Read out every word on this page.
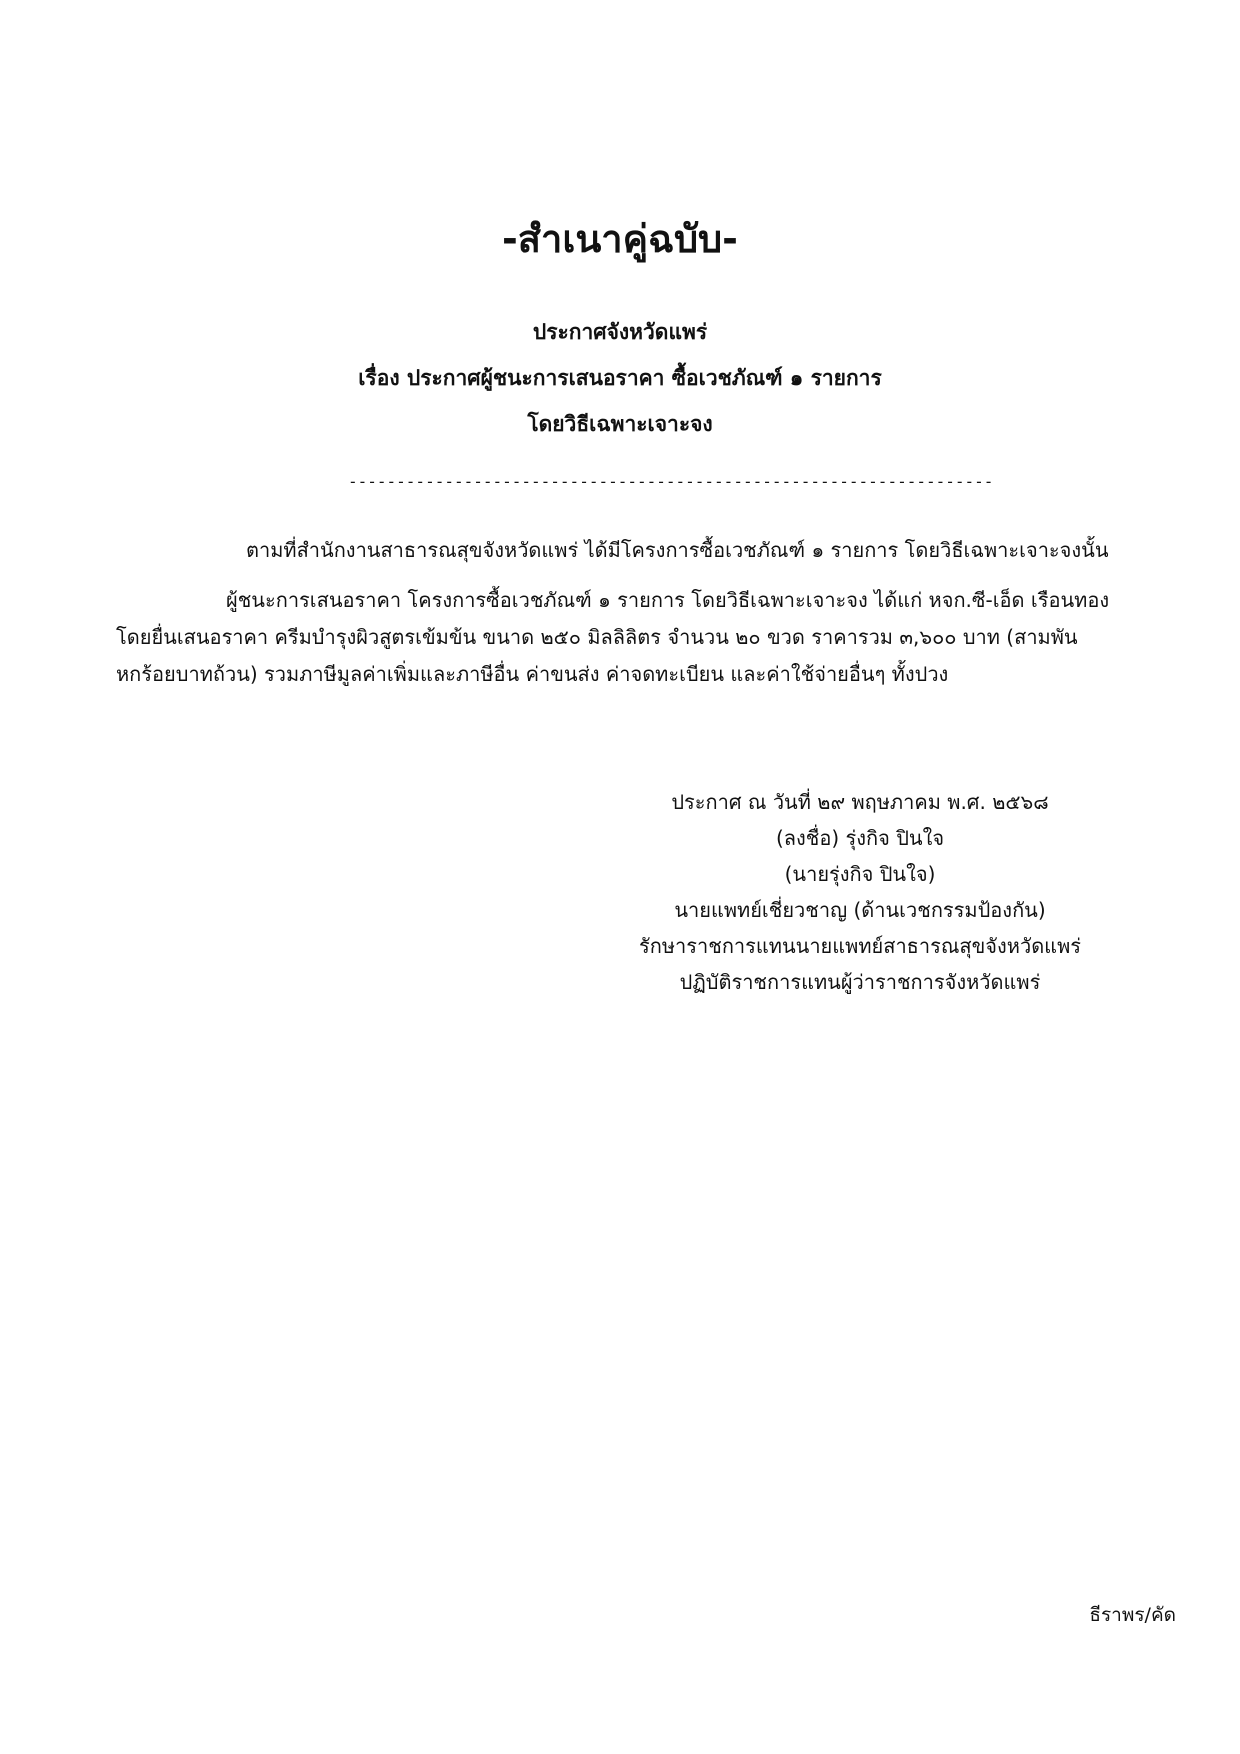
-สำเนาคู่ฉบับ-
ประกาศจังหวัดแพร่
เรื่อง ประกาศผู้ชนะการเสนอราคา ซื้อเวชภัณฑ์ ๑ รายการ
โดยวิธีเฉพาะเจาะจง
-------------------------------------------------------------------
ตามที่สำนักงานสาธารณสุขจังหวัดแพร่ ได้มีโครงการซื้อเวชภัณฑ์ ๑ รายการ โดยวิธีเฉพาะเจาะจงนั้น
ผู้ชนะการเสนอราคา โครงการซื้อเวชภัณฑ์ ๑ รายการ โดยวิธีเฉพาะเจาะจง ได้แก่ หจก.ซี-เอ็ด เรือนทอง
โดยยื่นเสนอราคา ครีมบำรุงผิวสูตรเข้มข้น ขนาด ๒๕๐ มิลลิลิตร จำนวน ๒๐ ขวด ราคารวม ๓,๖๐๐ บาท (สามพัน
หกร้อยบาทถ้วน) รวมภาษีมูลค่าเพิ่มและภาษีอื่น ค่าขนส่ง ค่าจดทะเบียน และค่าใช้จ่ายอื่นๆ ทั้งปวง
ประกาศ ณ วันที่ ๒๙ พฤษภาคม พ.ศ. ๒๕๖๘
(ลงชื่อ) รุ่งกิจ ปินใจ
(นายรุ่งกิจ ปินใจ)
นายแพทย์เชี่ยวชาญ (ด้านเวชกรรมป้องกัน)
รักษาราชการแทนนายแพทย์สาธารณสุขจังหวัดแพร่
ปฏิบัติราชการแทนผู้ว่าราชการจังหวัดแพร่
ธีราพร/คัด
